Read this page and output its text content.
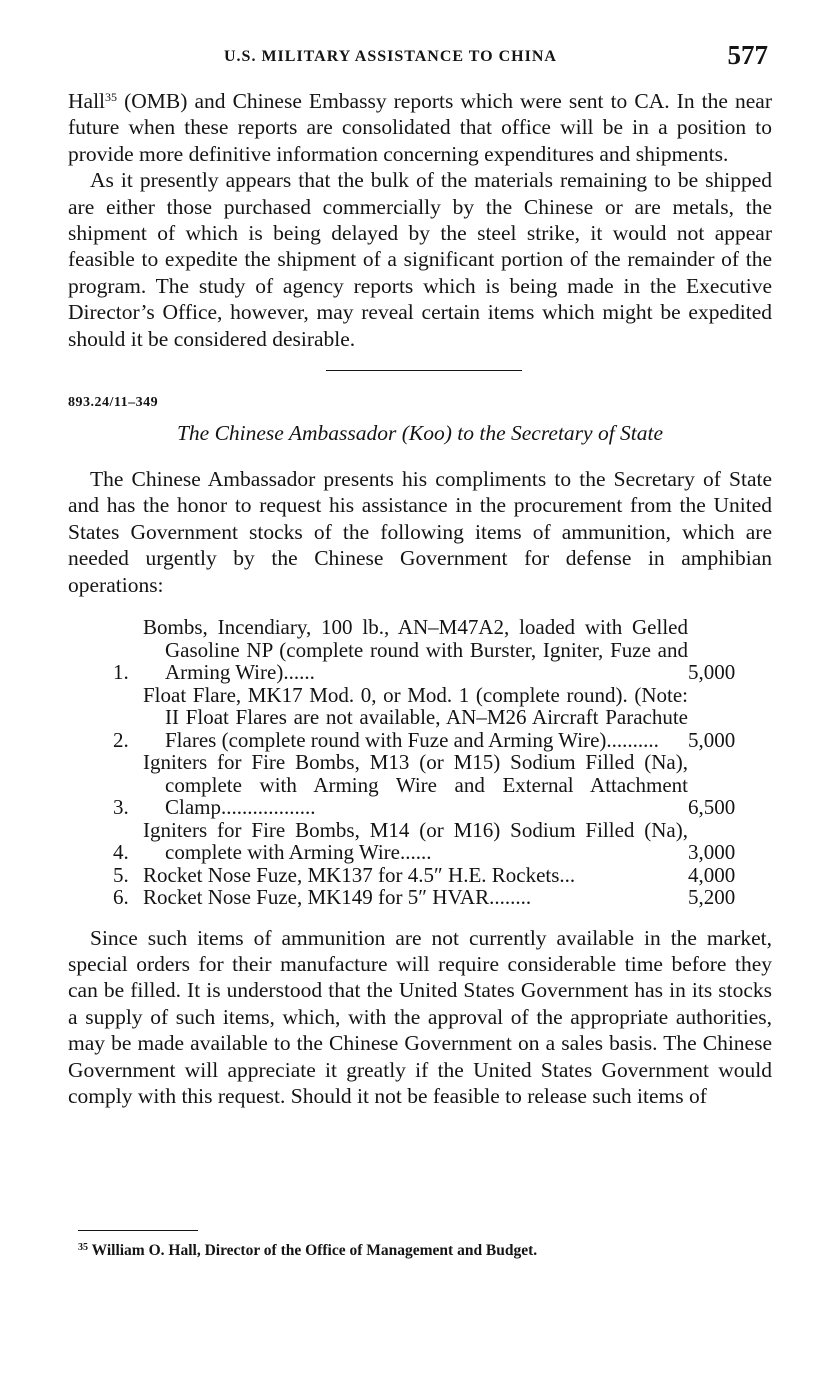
U.S. MILITARY ASSISTANCE TO CHINA	577

Hall$^{35}$ (OMB) and Chinese Embassy reports which were sent to CA. In the near future when these reports are consolidated that office will be in a position to provide more definitive information concerning expenditures and shipments.

As it presently appears that the bulk of the materials remaining to be shipped are either those purchased commercially by the Chinese or are metals, the shipment of which is being delayed by the steel strike, it would not appear feasible to expedite the shipment of a significant portion of the remainder of the program. The study of agency reports which is being made in the Executive Director’s Office, however, may reveal certain items which might be expedited should it be considered desirable.

893.24/11–349
The Chinese Ambassador (Koo) to the Secretary of State

The Chinese Ambassador presents his compliments to the Secretary of State and has the honor to request his assistance in the procurement from the United States Government stocks of the following items of ammunition, which are needed urgently by the Chinese Government for defense in amphibian operations:

1.
Bombs, Incendiary, 100 lb., AN–M47A2, loaded with Gelled Gasoline NP (complete round with Burster, Igniter, Fuze and Arming Wire)......	5,000
2.
Float Flare, MK17 Mod. 0, or Mod. 1 (complete round). (Note: II Float Flares are not available, AN–M26 Aircraft Parachute Flares (complete round with Fuze and Arming Wire)..........	5,000
3.
Igniters for Fire Bombs, M13 (or M15) Sodium Filled (Na), complete with Arming Wire and External Attachment Clamp..................	6,500
4.
Igniters for Fire Bombs, M14 (or M16) Sodium Filled (Na), complete with Arming Wire......	3,000
5. Rocket Nose Fuze, MK137 for 4.5″ H.E. Rockets...	4,000
6. Rocket Nose Fuze, MK149 for 5″ HVAR........	5,200

Since such items of ammunition are not currently available in the market, special orders for their manufacture will require considerable time before they can be filled. It is understood that the United States Government has in its stocks a supply of such items, which, with the approval of the appropriate authorities, may be made available to the Chinese Government on a sales basis. The Chinese Government will appreciate it greatly if the United States Government would comply with this request. Should it not be feasible to release such items of

$^{35}$ William O. Hall, Director of the Office of Management and Budget.
